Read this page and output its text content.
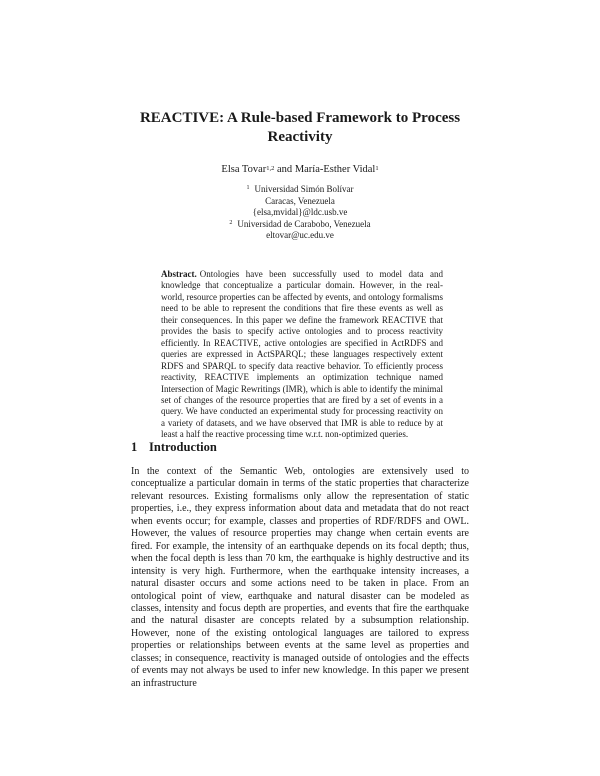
REACTIVE: A Rule-based Framework to Process
Reactivity
Elsa Tovar$^{1,2}$ and María-Esther Vidal$^1$
$^1$ Universidad Simón Bolívar
Caracas, Venezuela
{elsa,mvidal}@ldc.usb.ve
$^2$ Universidad de Carabobo, Venezuela
eltovar@uc.edu.ve
Abstract. Ontologies have been successfully used to model data and knowledge that conceptualize a particular domain. However, in the real-world, resource properties can be affected by events, and ontology formalisms need to be able to represent the conditions that fire these events as well as their consequences. In this paper we define the framework REACTIVE that provides the basis to specify active ontologies and to process reactivity efficiently. In REACTIVE, active ontologies are specified in ActRDFS and queries are expressed in ActSPARQL; these languages respectively extent RDFS and SPARQL to specify data reactive behavior. To efficiently process reactivity, REACTIVE implements an optimization technique named Intersection of Magic Rewritings (IMR), which is able to identify the minimal set of changes of the resource properties that are fired by a set of events in a query. We have conducted an experimental study for processing reactivity on a variety of datasets, and we have observed that IMR is able to reduce by at least a half the reactive processing time w.r.t. non-optimized queries.
1 Introduction
In the context of the Semantic Web, ontologies are extensively used to conceptualize a particular domain in terms of the static properties that characterize relevant resources. Existing formalisms only allow the representation of static properties, i.e., they express information about data and metadata that do not react when events occur; for example, classes and properties of RDF/RDFS and OWL. However, the values of resource properties may change when certain events are fired. For example, the intensity of an earthquake depends on its focal depth; thus, when the focal depth is less than 70 km, the earthquake is highly destructive and its intensity is very high. Furthermore, when the earthquake intensity increases, a natural disaster occurs and some actions need to be taken in place. From an ontological point of view, earthquake and natural disaster can be modeled as classes, intensity and focus depth are properties, and events that fire the earthquake and the natural disaster are concepts related by a subsumption relationship. However, none of the existing ontological languages are tailored to express properties or relationships between events at the same level as properties and classes; in consequence, reactivity is managed outside of ontologies and the effects of events may not always be used to infer new knowledge. In this paper we present an infrastructure
